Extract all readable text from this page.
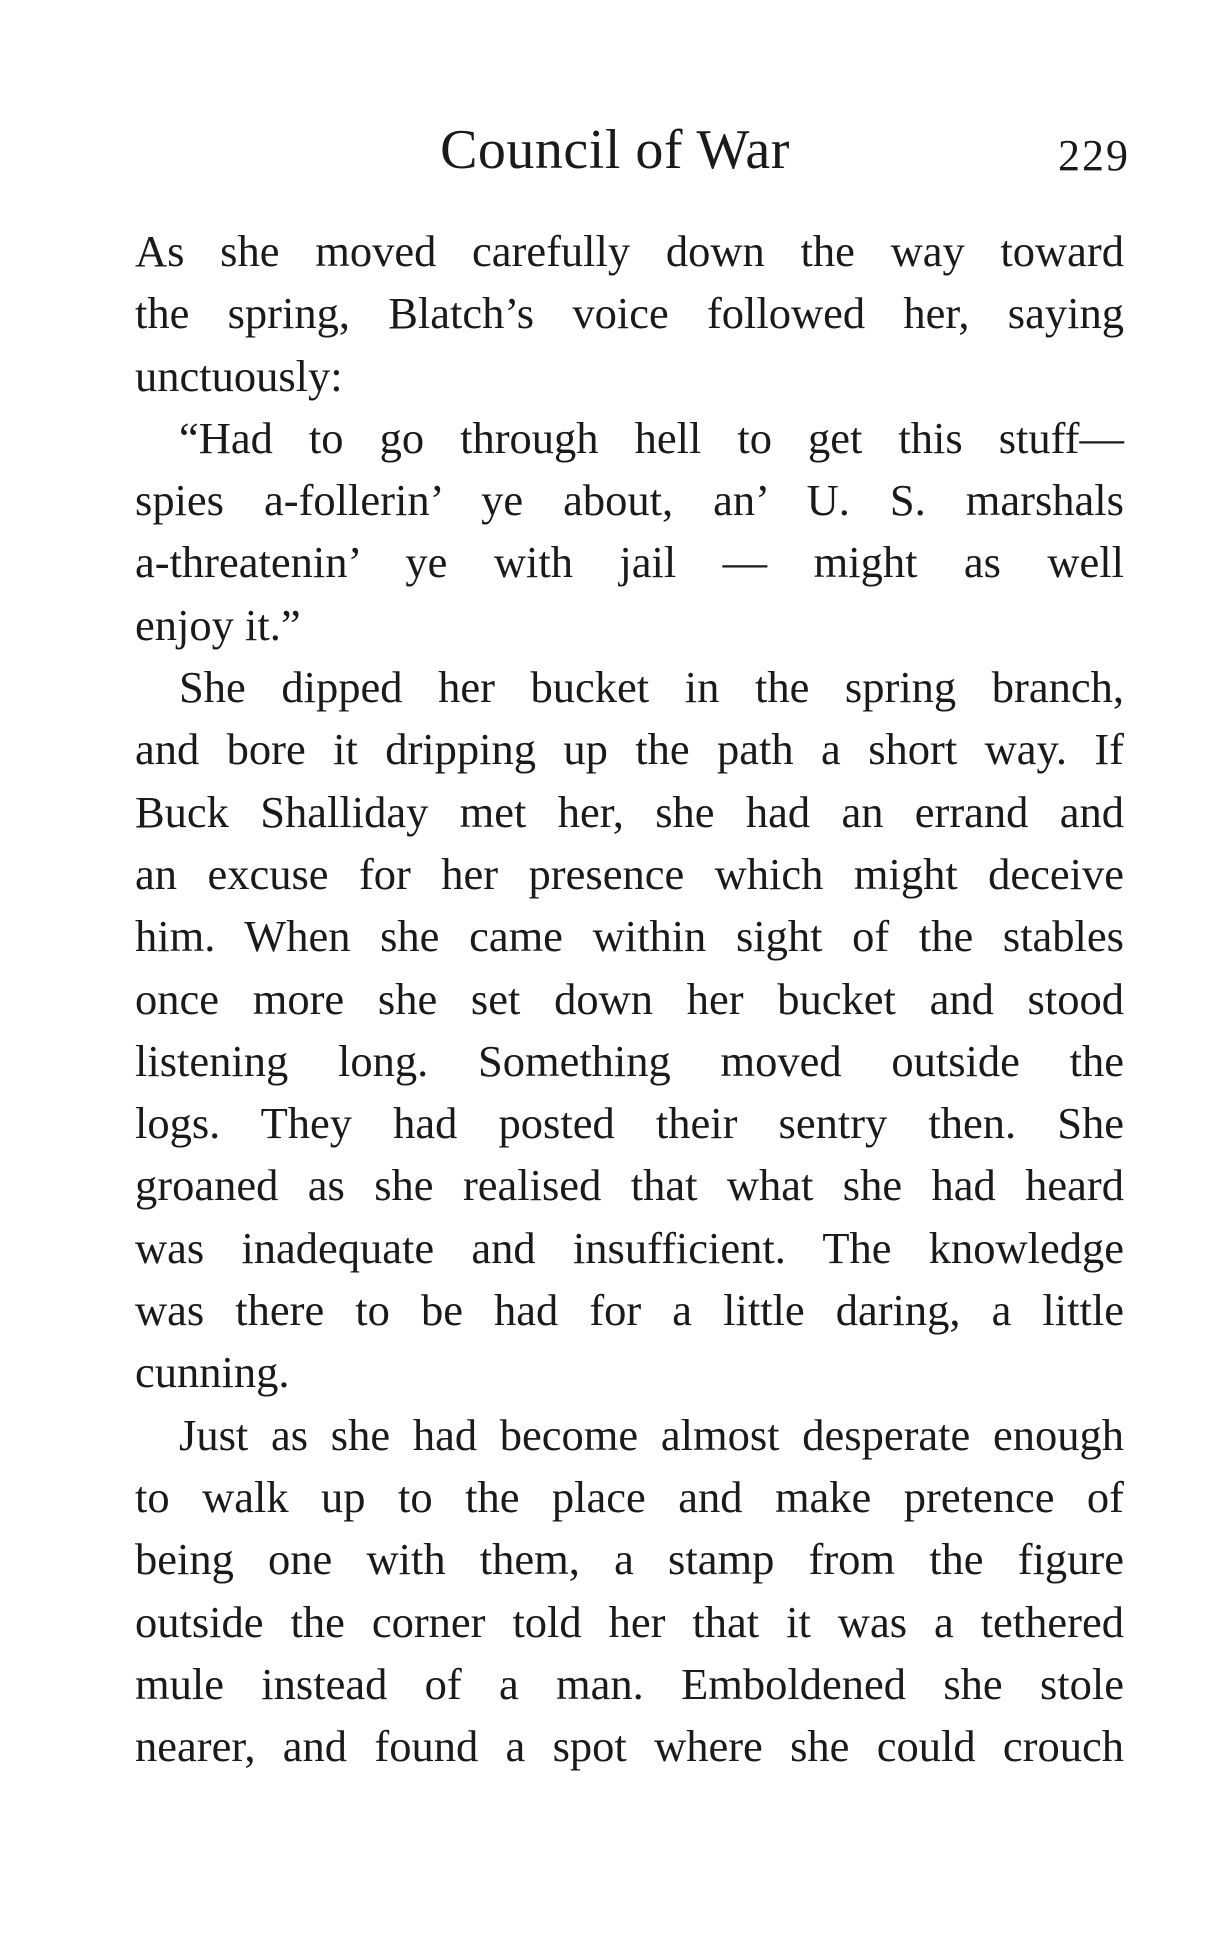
Council of War	229
As she moved carefully down the way toward
the spring, Blatch’s voice followed her, saying
unctuously:
“Had to go through hell to get this stuff—
spies a-follerin’ ye about, an’ U. S. marshals
a-threatenin’ ye with jail — might as well
enjoy it.”
She dipped her bucket in the spring branch,
and bore it dripping up the path a short way. If
Buck Shalliday met her, she had an errand and
an excuse for her presence which might deceive
him. When she came within sight of the stables
once more she set down her bucket and stood
listening long. Something moved outside the
logs. They had posted their sentry then. She
groaned as she realised that what she had heard
was inadequate and insufficient. The knowledge
was there to be had for a little daring, a little
cunning.
Just as she had become almost desperate enough
to walk up to the place and make pretence of
being one with them, a stamp from the figure
outside the corner told her that it was a tethered
mule instead of a man. Emboldened she stole
nearer, and found a spot where she could crouch
